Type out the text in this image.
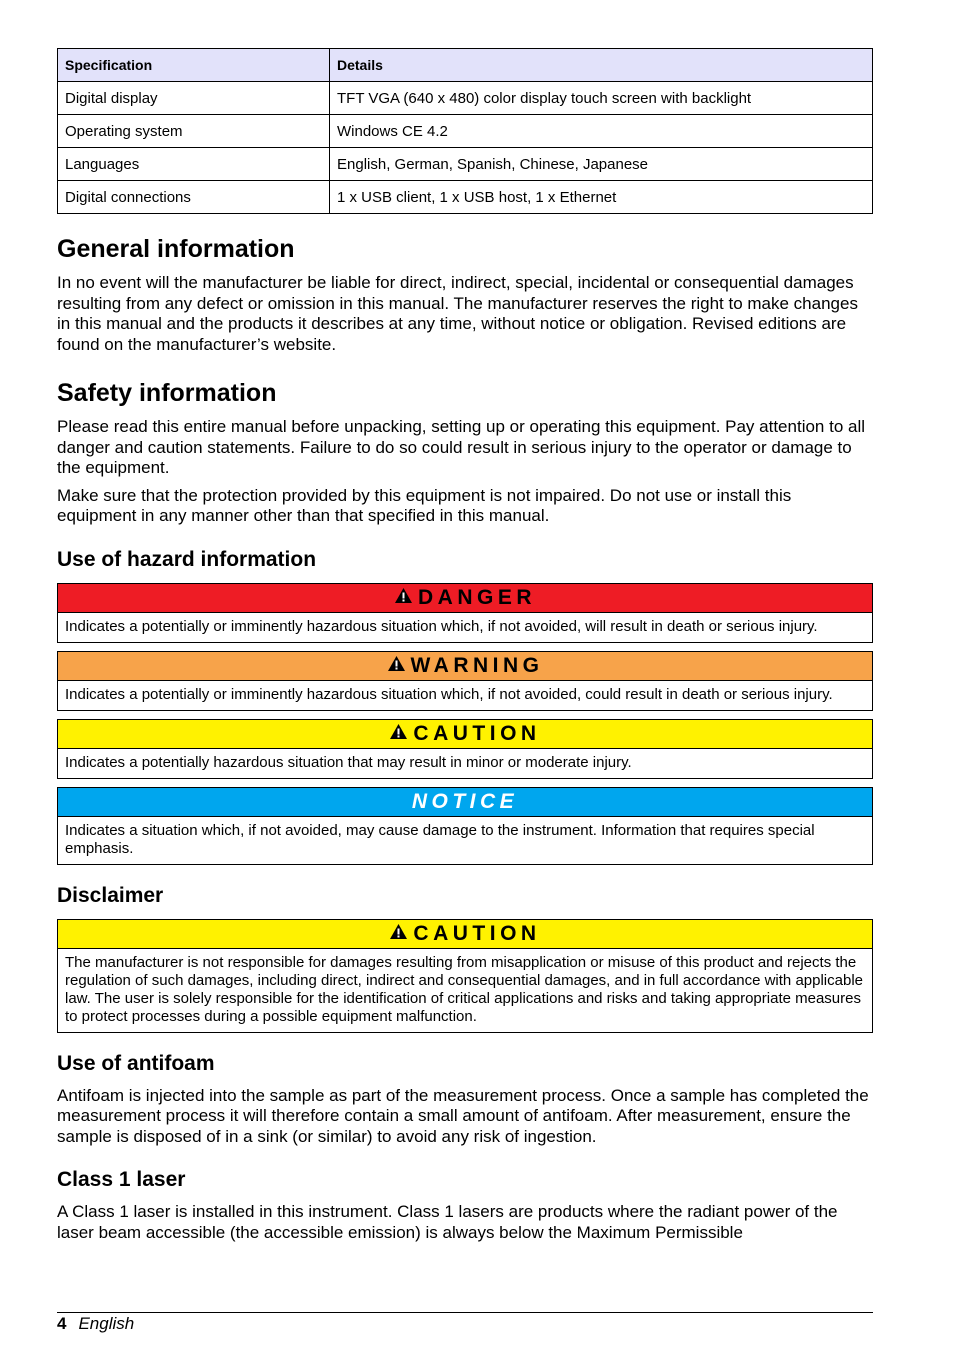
Specification	Details
Digital display	TFT VGA (640 x 480) color display touch screen with backlight
Operating system	Windows CE 4.2
Languages	English, German, Spanish, Chinese, Japanese
Digital connections	1 x USB client, 1 x USB host, 1 x Ethernet
General information

In no event will the manufacturer be liable for direct, indirect, special, incidental or consequential damages resulting from any defect or omission in this manual. The manufacturer reserves the right to make changes in this manual and the products it describes at any time, without notice or obligation. Revised editions are found on the manufacturer’s website.

Safety information

Please read this entire manual before unpacking, setting up or operating this equipment. Pay attention to all danger and caution statements. Failure to do so could result in serious injury to the operator or damage to the equipment.

Make sure that the protection provided by this equipment is not impaired. Do not use or install this equipment in any manner other than that specified in this manual.

Use of hazard information
DANGER
Indicates a potentially or imminently hazardous situation which, if not avoided, will result in death or serious injury.
WARNING
Indicates a potentially or imminently hazardous situation which, if not avoided, could result in death or serious injury.
CAUTION
Indicates a potentially hazardous situation that may result in minor or moderate injury.
NOTICE
Indicates a situation which, if not avoided, may cause damage to the instrument. Information that requires special emphasis.
Disclaimer
CAUTION
The manufacturer is not responsible for damages resulting from misapplication or misuse of this product and rejects the regulation of such damages, including direct, indirect and consequential damages, and in full accordance with applicable law. The user is solely responsible for the identification of critical applications and risks and taking appropriate measures to protect processes during a possible equipment malfunction.
Use of antifoam

Antifoam is injected into the sample as part of the measurement process. Once a sample has completed the measurement process it will therefore contain a small amount of antifoam. After measurement, ensure the sample is disposed of in a sink (or similar) to avoid any risk of ingestion.

Class 1 laser

A Class 1 laser is installed in this instrument. Class 1 lasers are products where the radiant power of the laser beam accessible (the accessible emission) is always below the Maximum Permissible

4 English
